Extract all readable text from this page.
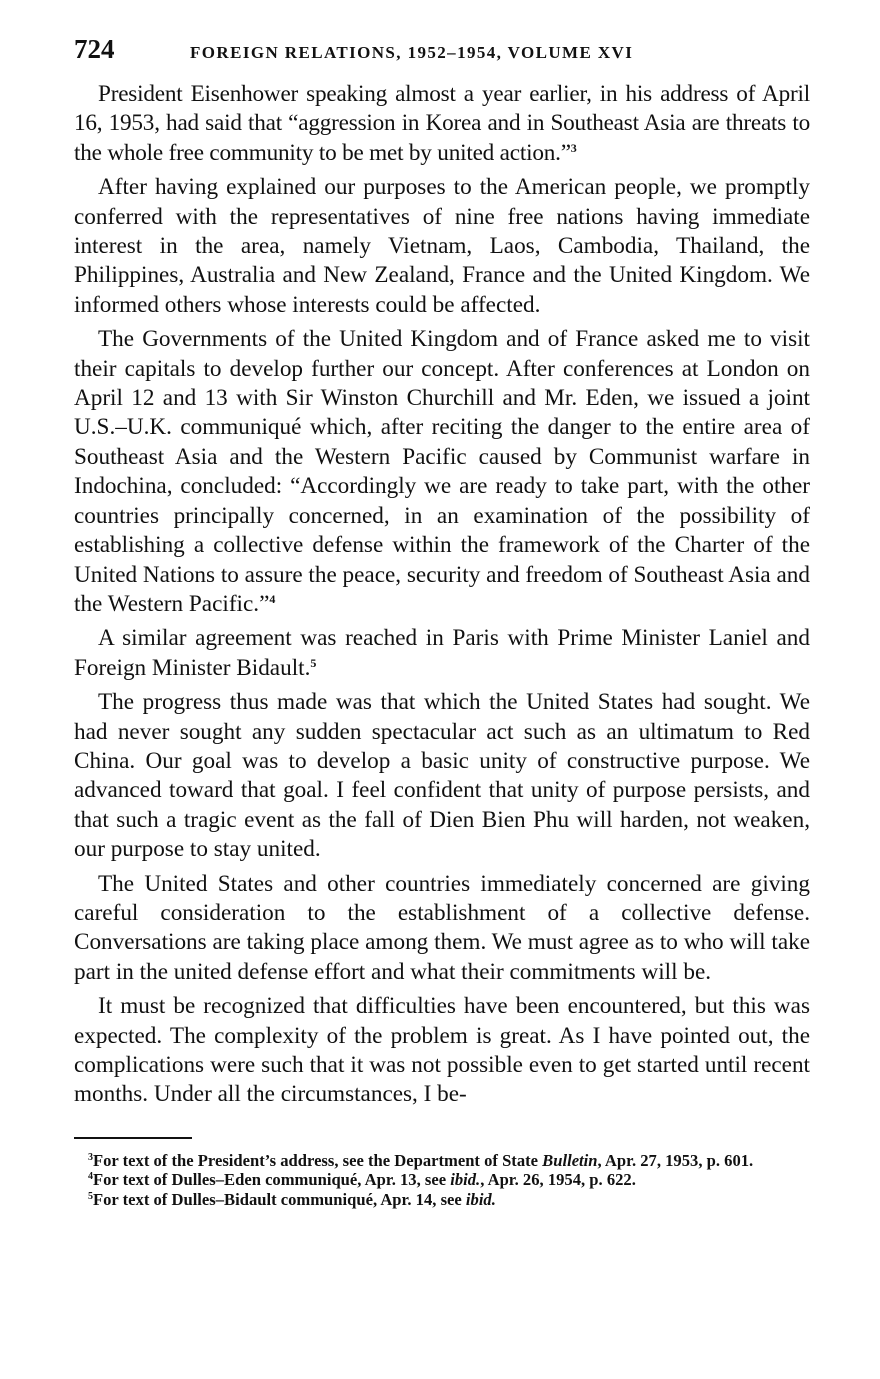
724	FOREIGN RELATIONS, 1952–1954, VOLUME XVI

President Eisenhower speaking almost a year earlier, in his address of April 16, 1953, had said that “aggression in Korea and in Southeast Asia are threats to the whole free community to be met by united action.”$^3$

After having explained our purposes to the American people, we promptly conferred with the representatives of nine free nations having immediate interest in the area, namely Vietnam, Laos, Cambodia, Thailand, the Philippines, Australia and New Zealand, France and the United Kingdom. We informed others whose interests could be affected.

The Governments of the United Kingdom and of France asked me to visit their capitals to develop further our concept. After conferences at London on April 12 and 13 with Sir Winston Churchill and Mr. Eden, we issued a joint U.S.–U.K. communiqué which, after reciting the danger to the entire area of Southeast Asia and the Western Pacific caused by Communist warfare in Indochina, concluded: “Accordingly we are ready to take part, with the other countries principally concerned, in an examination of the possibility of establishing a collective defense within the framework of the Charter of the United Nations to assure the peace, security and freedom of Southeast Asia and the Western Pacific.”$^4$

A similar agreement was reached in Paris with Prime Minister Laniel and Foreign Minister Bidault.$^5$

The progress thus made was that which the United States had sought. We had never sought any sudden spectacular act such as an ultimatum to Red China. Our goal was to develop a basic unity of constructive purpose. We advanced toward that goal. I feel confident that unity of purpose persists, and that such a tragic event as the fall of Dien Bien Phu will harden, not weaken, our purpose to stay united.

The United States and other countries immediately concerned are giving careful consideration to the establishment of a collective defense. Conversations are taking place among them. We must agree as to who will take part in the united defense effort and what their commitments will be.

It must be recognized that difficulties have been encountered, but this was expected. The complexity of the problem is great. As I have pointed out, the complications were such that it was not possible even to get started until recent months. Under all the circumstances, I be-

$^3$For text of the President’s address, see the Department of State Bulletin, Apr. 27, 1953, p. 601.

$^4$For text of Dulles–Eden communiqué, Apr. 13, see ibid., Apr. 26, 1954, p. 622.

$^5$For text of Dulles–Bidault communiqué, Apr. 14, see ibid.
